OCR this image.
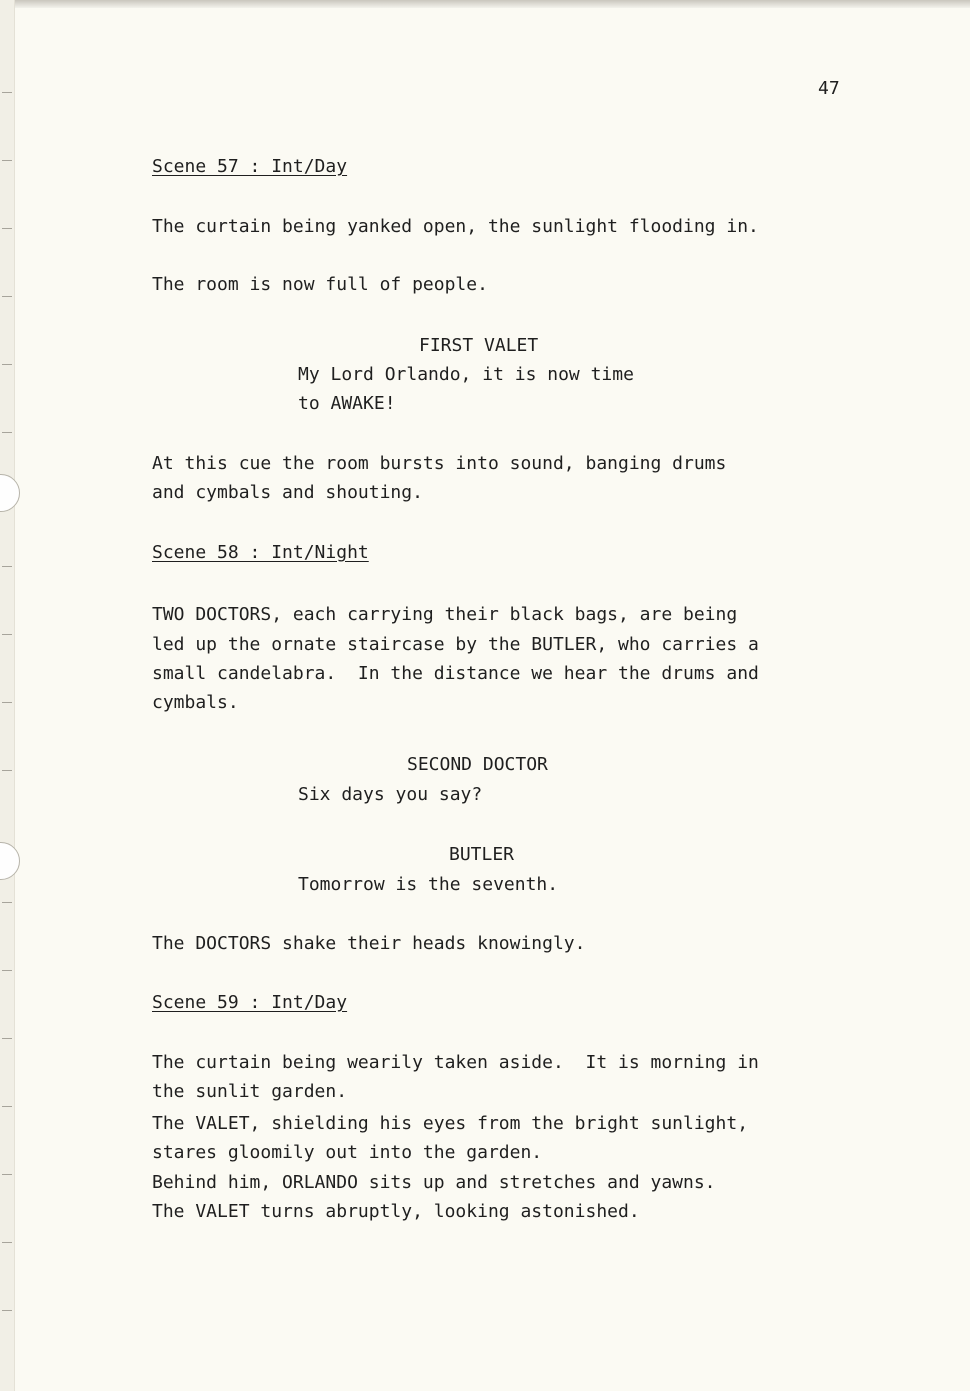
47

Scene 57 : Int/Day

The curtain being yanked open, the sunlight flooding in.

The room is now full of people.

FIRST VALET

My Lord Orlando, it is now time

to AWAKE!

At this cue the room bursts into sound, banging drums

and cymbals and shouting.

Scene 58 : Int/Night

TWO DOCTORS, each carrying their black bags, are being

led up the ornate staircase by the BUTLER, who carries a

small candelabra.  In the distance we hear the drums and

cymbals.

SECOND DOCTOR

Six days you say?

BUTLER

Tomorrow is the seventh.

The DOCTORS shake their heads knowingly.

Scene 59 : Int/Day

The curtain being wearily taken aside.  It is morning in

the sunlit garden.

The VALET, shielding his eyes from the bright sunlight,

stares gloomily out into the garden.

Behind him, ORLANDO sits up and stretches and yawns.

The VALET turns abruptly, looking astonished.
